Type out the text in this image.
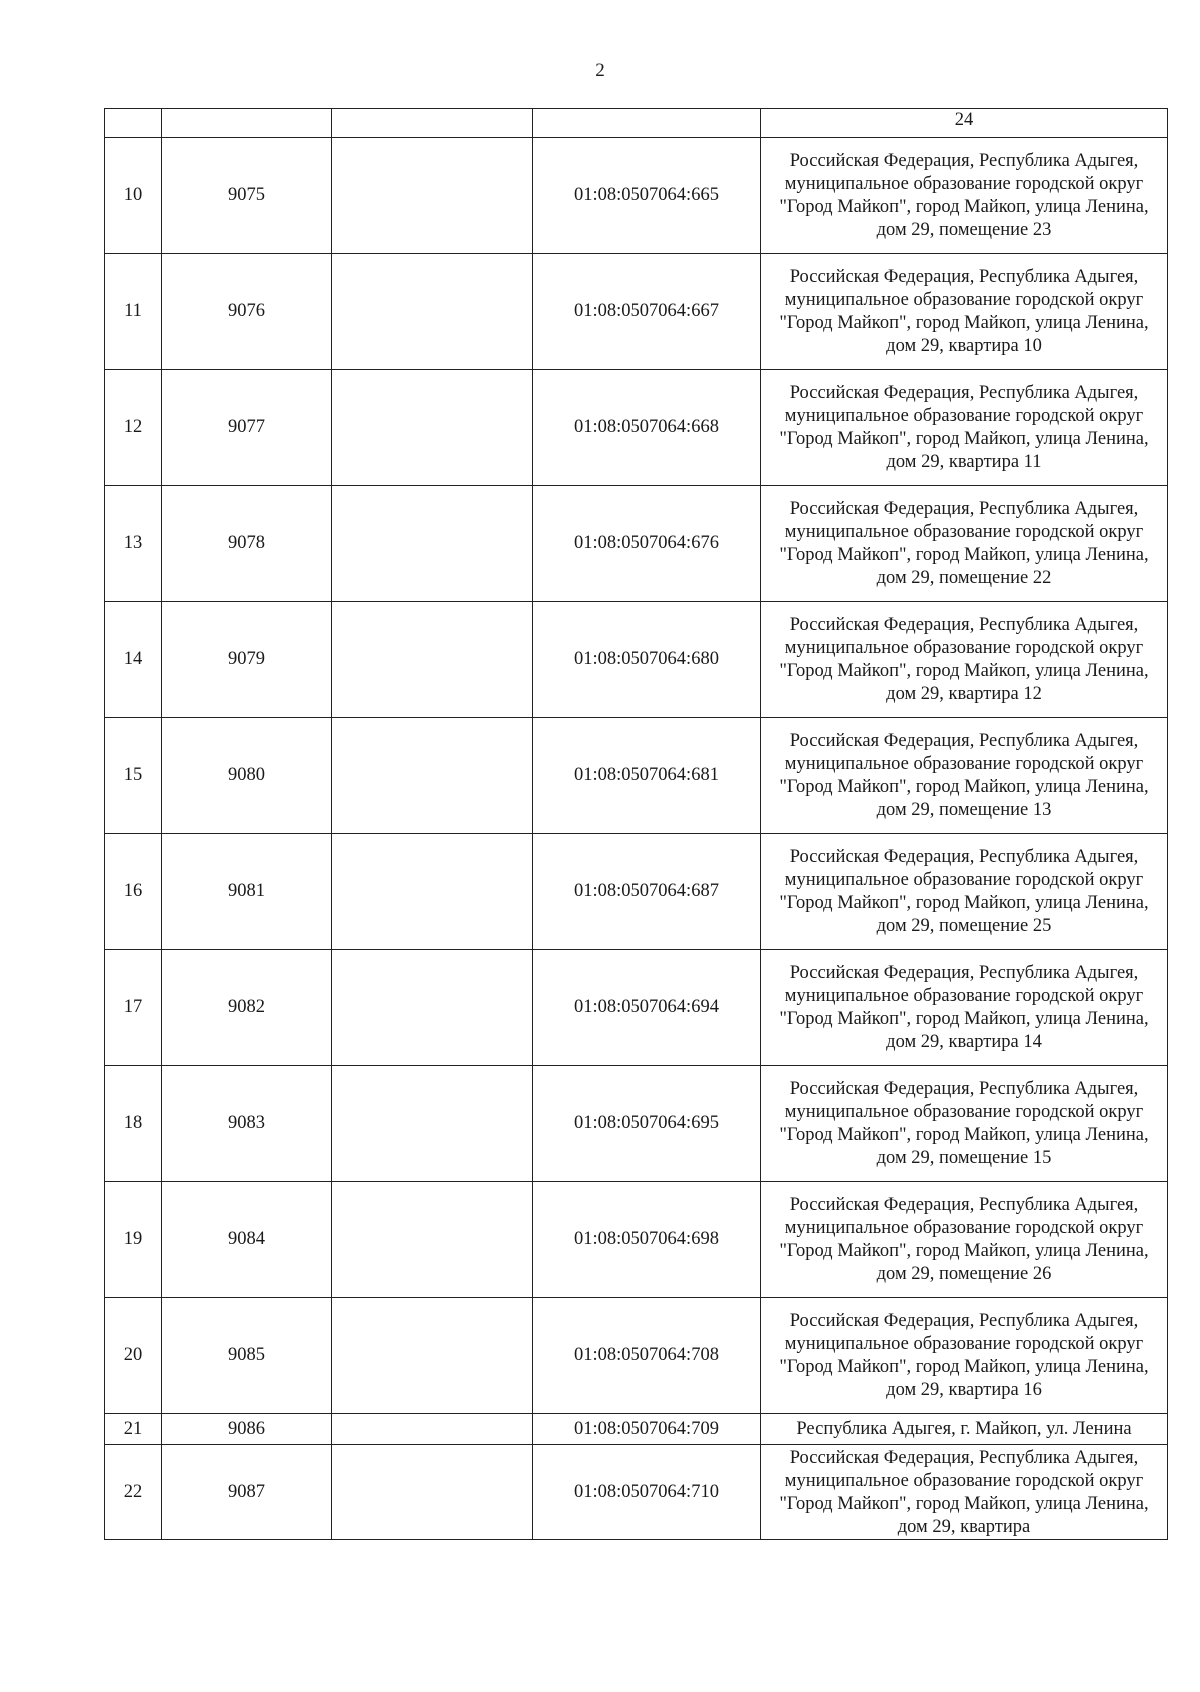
2
				24
10	9075		01:08:0507064:665	Российская Федерация, Республика Адыгея, муниципальное образование городской округ "Город Майкоп", город Майкоп, улица Ленина, дом 29, помещение 23
11	9076		01:08:0507064:667	Российская Федерация, Республика Адыгея, муниципальное образование городской округ "Город Майкоп", город Майкоп, улица Ленина, дом 29, квартира 10
12	9077		01:08:0507064:668	Российская Федерация, Республика Адыгея, муниципальное образование городской округ "Город Майкоп", город Майкоп, улица Ленина, дом 29, квартира 11
13	9078		01:08:0507064:676	Российская Федерация, Республика Адыгея, муниципальное образование городской округ "Город Майкоп", город Майкоп, улица Ленина, дом 29, помещение 22
14	9079		01:08:0507064:680	Российская Федерация, Республика Адыгея, муниципальное образование городской округ "Город Майкоп", город Майкоп, улица Ленина, дом 29, квартира 12
15	9080		01:08:0507064:681	Российская Федерация, Республика Адыгея, муниципальное образование городской округ "Город Майкоп", город Майкоп, улица Ленина, дом 29, помещение 13
16	9081		01:08:0507064:687	Российская Федерация, Республика Адыгея, муниципальное образование городской округ "Город Майкоп", город Майкоп, улица Ленина, дом 29, помещение 25
17	9082		01:08:0507064:694	Российская Федерация, Республика Адыгея, муниципальное образование городской округ "Город Майкоп", город Майкоп, улица Ленина, дом 29, квартира 14
18	9083		01:08:0507064:695	Российская Федерация, Республика Адыгея, муниципальное образование городской округ "Город Майкоп", город Майкоп, улица Ленина, дом 29, помещение 15
19	9084		01:08:0507064:698	Российская Федерация, Республика Адыгея, муниципальное образование городской округ "Город Майкоп", город Майкоп, улица Ленина, дом 29, помещение 26
20	9085		01:08:0507064:708	Российская Федерация, Республика Адыгея, муниципальное образование городской округ "Город Майкоп", город Майкоп, улица Ленина, дом 29, квартира 16
21	9086		01:08:0507064:709	Республика Адыгея, г. Майкоп, ул. Ленина
22	9087		01:08:0507064:710	Российская Федерация, Республика Адыгея, муниципальное образование городской округ "Город Майкоп", город Майкоп, улица Ленина, дом 29, квартира
